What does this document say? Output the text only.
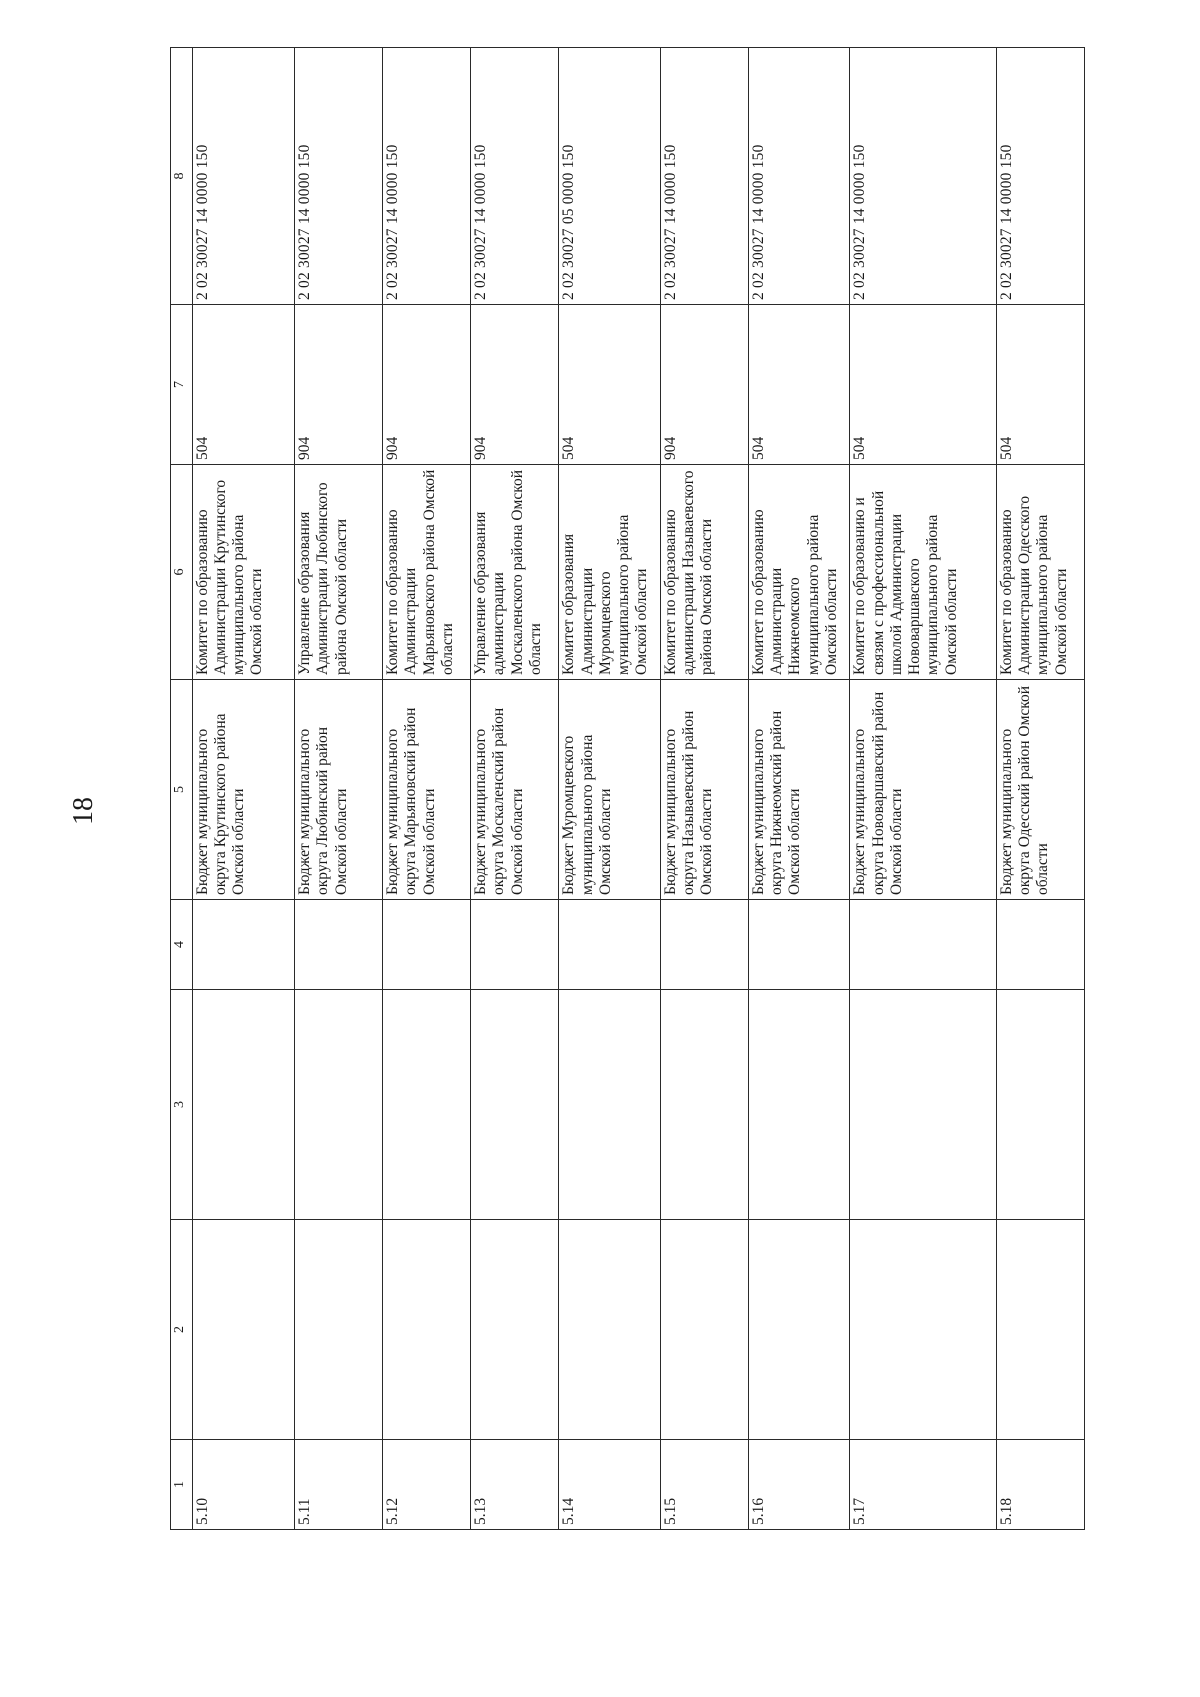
18
1	2	3	4	5	6	7	8
5.10				Бюджет муниципального округа Крутинского района Омской области	Комитет по образованию Администрации Крутинского муниципального района Омской области	504	2 02 30027 14 0000 150
5.11				Бюджет муниципального округа Любинский район Омской области	Управление образования Администрации Любинского района Омской области	904	2 02 30027 14 0000 150
5.12				Бюджет муниципального округа Марьяновский район Омской области	Комитет по образованию Администрации Марьяновского района Омской области	904	2 02 30027 14 0000 150
5.13				Бюджет муниципального округа Москаленский район Омской области	Управление образования администрации Москаленского района Омской области	904	2 02 30027 14 0000 150
5.14				Бюджет Муромцевского муниципального района Омской области	Комитет образования Администрации Муромцевского муниципального района Омской области	504	2 02 30027 05 0000 150
5.15				Бюджет муниципального округа Называевский район Омской области	Комитет по образованию администрации Называевского района Омской области	904	2 02 30027 14 0000 150
5.16				Бюджет муниципального округа Нижнеомский район Омской области	Комитет по образованию Администрации Нижнеомского муниципального района Омской области	504	2 02 30027 14 0000 150
5.17				Бюджет муниципального округа Нововаршавский район Омской области	Комитет по образованию и связям с профессиональной школой Администрации Нововаршавского муниципального района Омской области	504	2 02 30027 14 0000 150
5.18				Бюджет муниципального округа Одесский район Омской области	Комитет по образованию Администрации Одесского муниципального района Омской области	504	2 02 30027 14 0000 150
